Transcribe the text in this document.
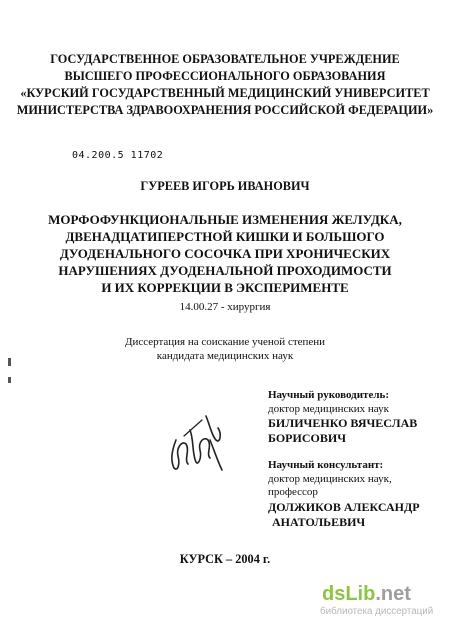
ГОСУДАРСТВЕННОЕ ОБРАЗОВАТЕЛЬНОЕ УЧРЕЖДЕНИЕ
ВЫСШЕГО ПРОФЕССИОНАЛЬНОГО ОБРАЗОВАНИЯ
«КУРСКИЙ ГОСУДАРСТВЕННЫЙ МЕДИЦИНСКИЙ УНИВЕРСИТЕТ
МИНИСТЕРСТВА ЗДРАВООХРАНЕНИЯ РОССИЙСКОЙ ФЕДЕРАЦИИ»
04.200.5 11702
ГУРЕЕВ ИГОРЬ ИВАНОВИЧ
МОРФОФУНКЦИОНАЛЬНЫЕ ИЗМЕНЕНИЯ ЖЕЛУДКА,
ДВЕНАДЦАТИПЕРСТНОЙ КИШКИ И БОЛЬШОГО
ДУОДЕНАЛЬНОГО СОСОЧКА ПРИ ХРОНИЧЕСКИХ
НАРУШЕНИЯХ ДУОДЕНАЛЬНОЙ ПРОХОДИМОСТИ
И ИХ КОРРЕКЦИИ В ЭКСПЕРИМЕНТЕ
14.00.27 - хирургия
Диссертация на соискание ученой степени
кандидата медицинских наук
Научный руководитель:
доктор медицинских наук
БИЛИЧЕНКО ВЯЧЕСЛАВ
БОРИСОВИЧ
Научный консультант:
доктор медицинских наук,
профессор
ДОЛЖИКОВ АЛЕКСАНДР
АНАТОЛЬЕВИЧ
КУРСК – 2004 г.
dsLib.net
библиотека диссертаций
